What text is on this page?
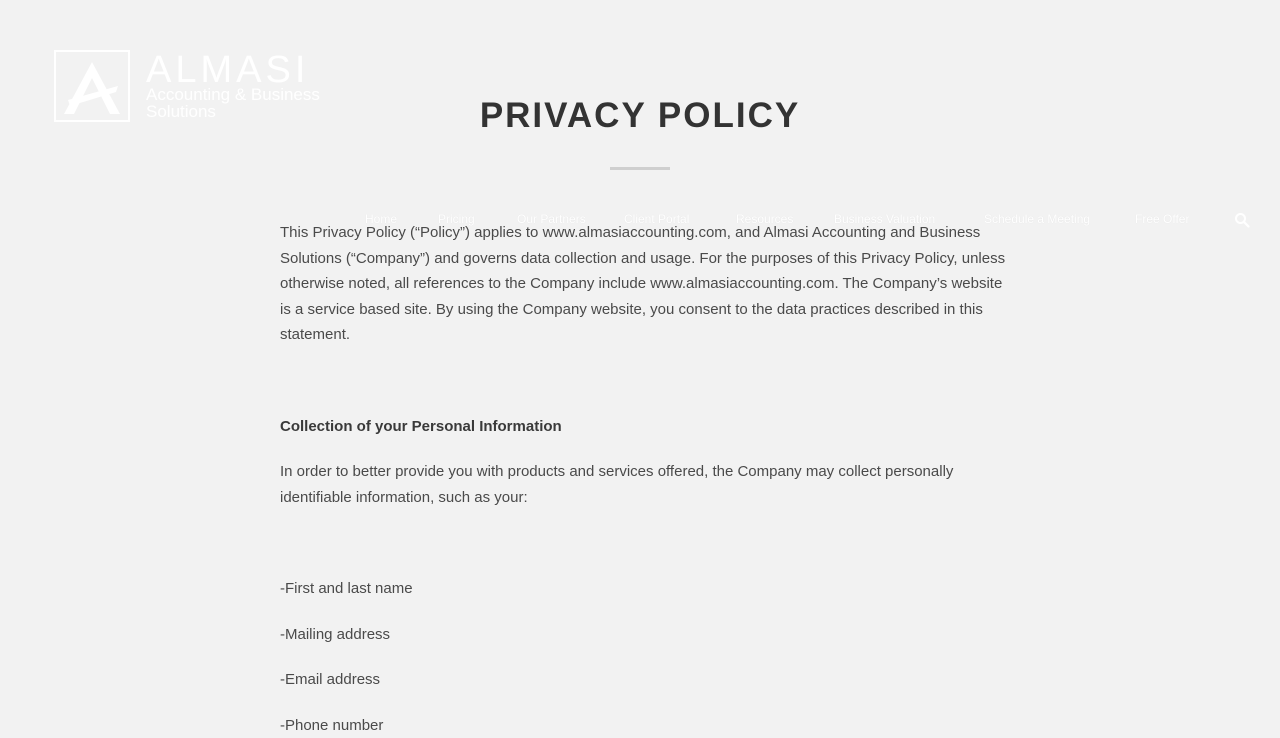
ALMASI
Accounting & Business Solutions
Home	Pricing	Our Partners	Client Portal	Resources	Business Valuation	Schedule a Meeting	Free Offer
PRIVACY POLICY

This Privacy Policy (“Policy”) applies to www.almasiaccounting.com, and Almasi Accounting and Business Solutions (“Company”) and governs data collection and usage. For the purposes of this Privacy Policy, unless otherwise noted, all references to the Company include www.almasiaccounting.com. The Company’s website is a service based site. By using the Company website, you consent to the data practices described in this statement.

Collection of your Personal Information

In order to better provide you with products and services offered, the Company may collect personally identifiable information, such as your:

-First and last name

-Mailing address

-Email address

-Phone number
